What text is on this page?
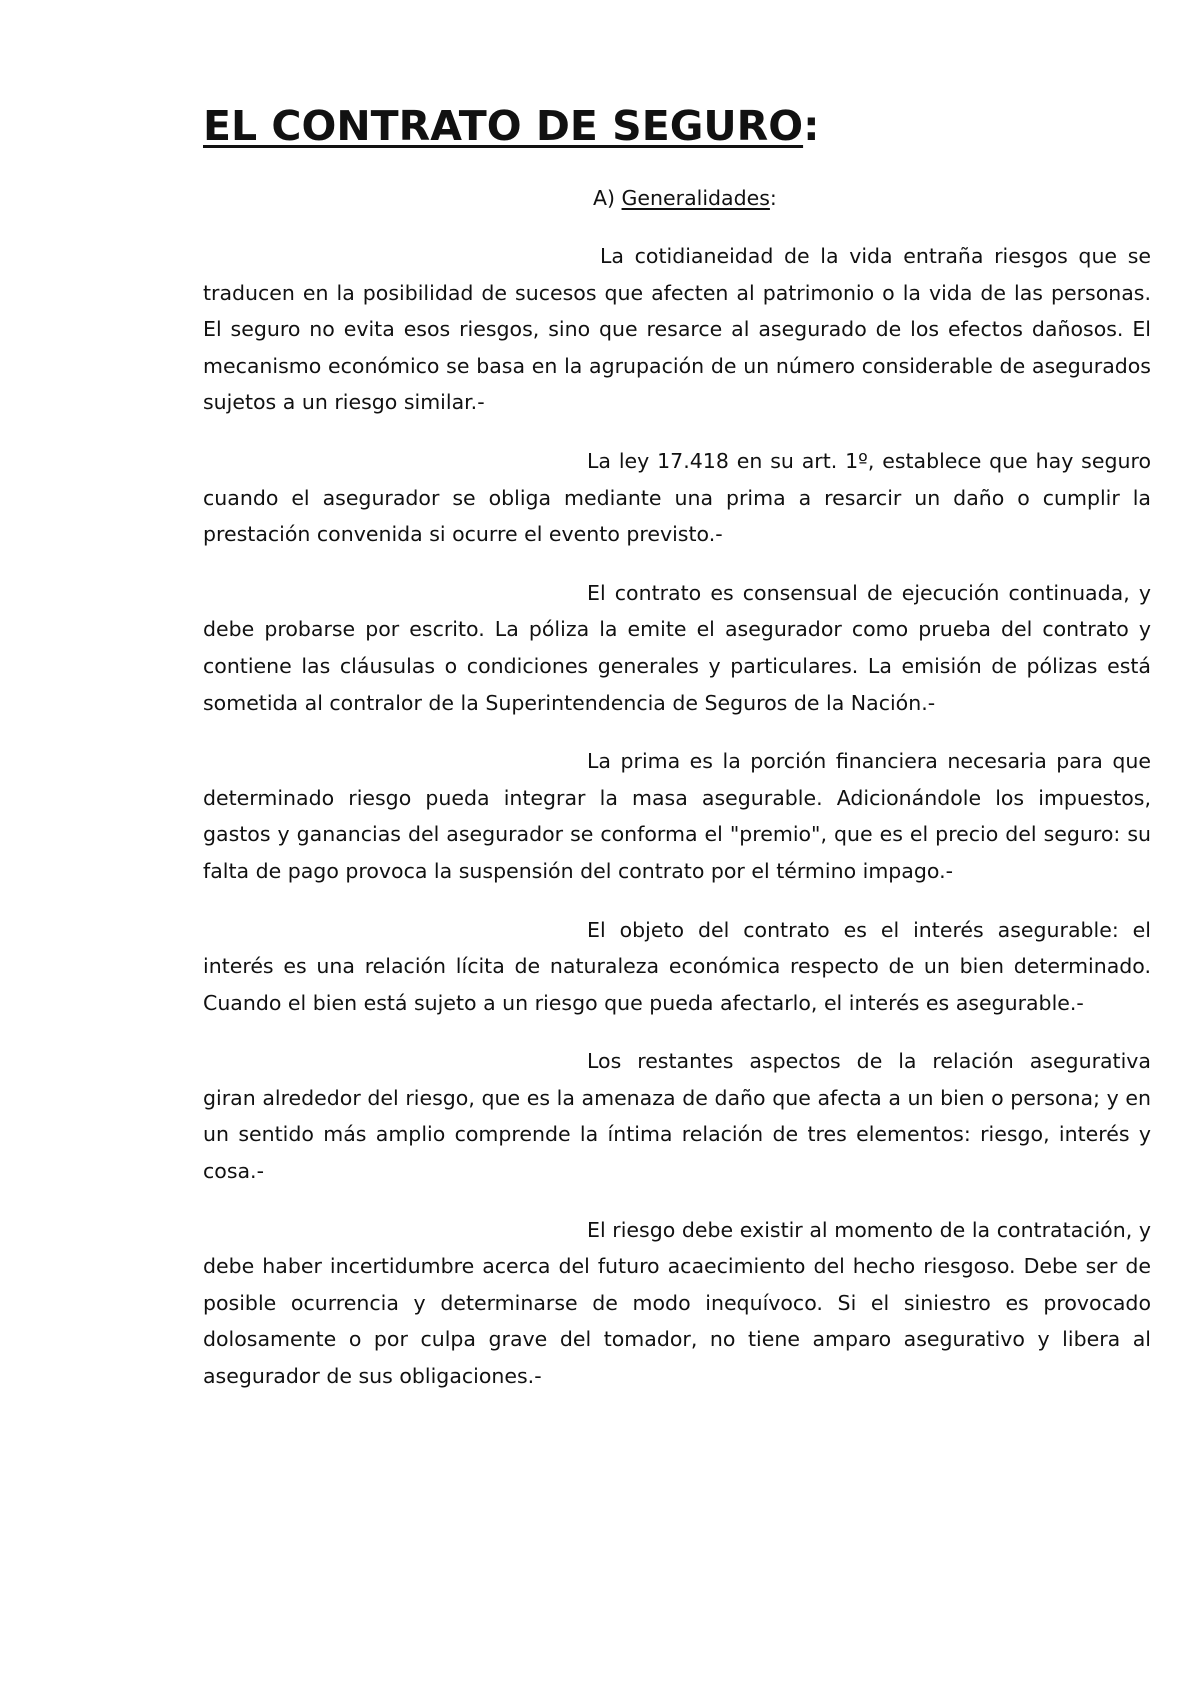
EL CONTRATO DE SEGURO:

A) Generalidades:

La cotidianeidad de la vida entraña riesgos que se traducen en la posibilidad de sucesos que afecten al patrimonio o la vida de las personas. El seguro no evita esos riesgos, sino que resarce al asegurado de los efectos dañosos. El mecanismo económico se basa en la agrupación de un número considerable de asegurados sujetos a un riesgo similar.-

La ley 17.418 en su art. 1º, establece que hay seguro cuando el asegurador se obliga mediante una prima a resarcir un daño o cumplir la prestación convenida si ocurre el evento previsto.-

El contrato es consensual de ejecución continuada, y debe probarse por escrito. La póliza la emite el asegurador como prueba del contrato y contiene las cláusulas o condiciones generales y particulares. La emisión de pólizas está sometida al contralor de la Superintendencia de Seguros de la Nación.-

La prima es la porción financiera necesaria para que determinado riesgo pueda integrar la masa asegurable. Adicionándole los impuestos, gastos y ganancias del asegurador se conforma el "premio", que es el precio del seguro: su falta de pago provoca la suspensión del contrato por el término impago.-

El objeto del contrato es el interés asegurable: el interés es una relación lícita de naturaleza económica respecto de un bien determinado. Cuando el bien está sujeto a un riesgo que pueda afectarlo, el interés es asegurable.-

Los restantes aspectos de la relación asegurativa giran alrededor del riesgo, que es la amenaza de daño que afecta a un bien o persona; y en un sentido más amplio comprende la íntima relación de tres elementos: riesgo, interés y cosa.-

El riesgo debe existir al momento de la contratación, y debe haber incertidumbre acerca del futuro acaecimiento del hecho riesgoso. Debe ser de posible ocurrencia y determinarse de modo inequívoco. Si el siniestro es provocado dolosamente o por culpa grave del tomador, no tiene amparo asegurativo y libera al asegurador de sus obligaciones.-
